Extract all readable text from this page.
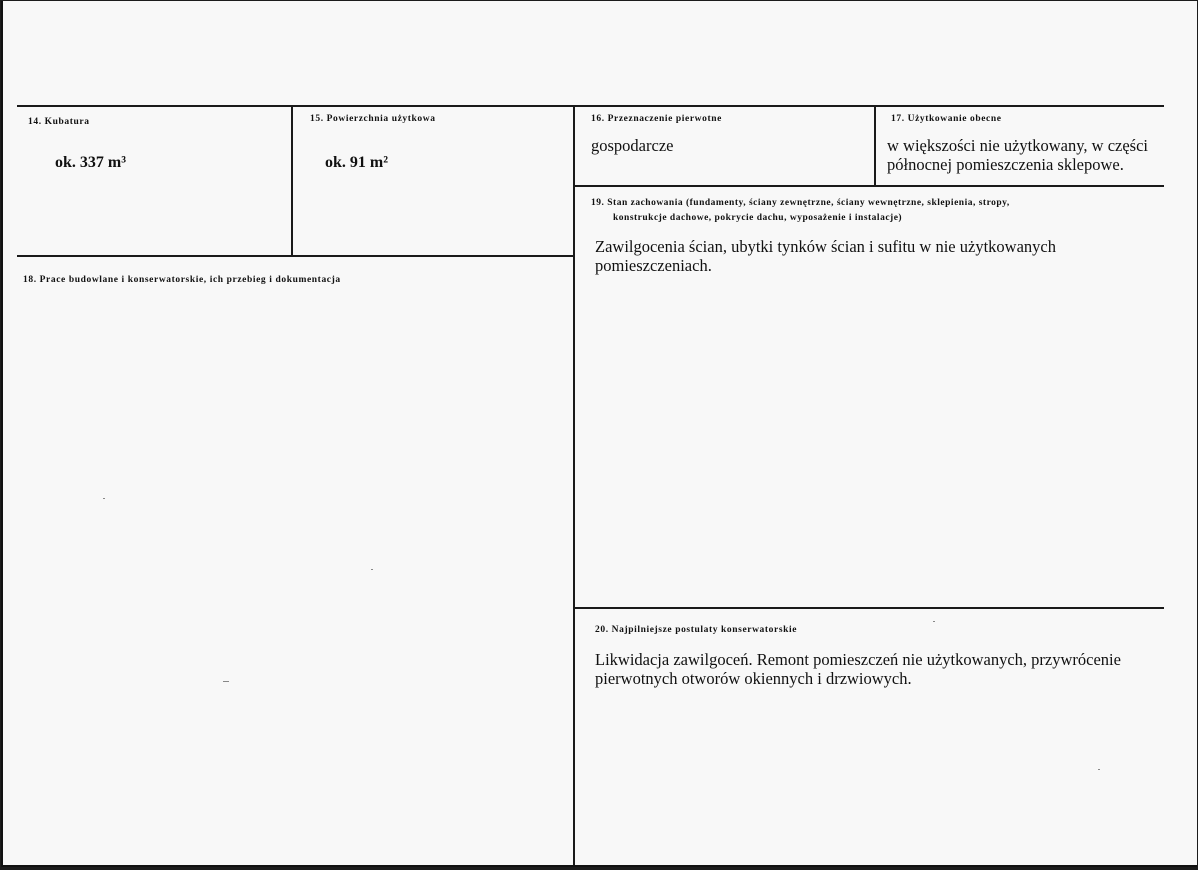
14. Kubatura
ok. 337 m³
15. Powierzchnia użytkowa
ok. 91 m²
16. Przeznaczenie pierwotne
gospodarcze
17. Użytkowanie obecne
w większości nie użytkowany, w części północnej pomieszczenia sklepowe.
18. Prace budowlane i konserwatorskie, ich przebieg i dokumentacja
19. Stan zachowania (fundamenty, ściany zewnętrzne, ściany wewnętrzne, sklepienia, stropy,
konstrukcje dachowe, pokrycie dachu, wyposażenie i instalacje)
Zawilgocenia ścian, ubytki tynków ścian i sufitu w nie użytkowanych pomieszczeniach.
20. Najpilniejsze postulaty konserwatorskie
Likwidacja zawilgoceń. Remont pomieszczeń nie użytkowanych, przywrócenie pierwotnych otworów okiennych i drzwiowych.
